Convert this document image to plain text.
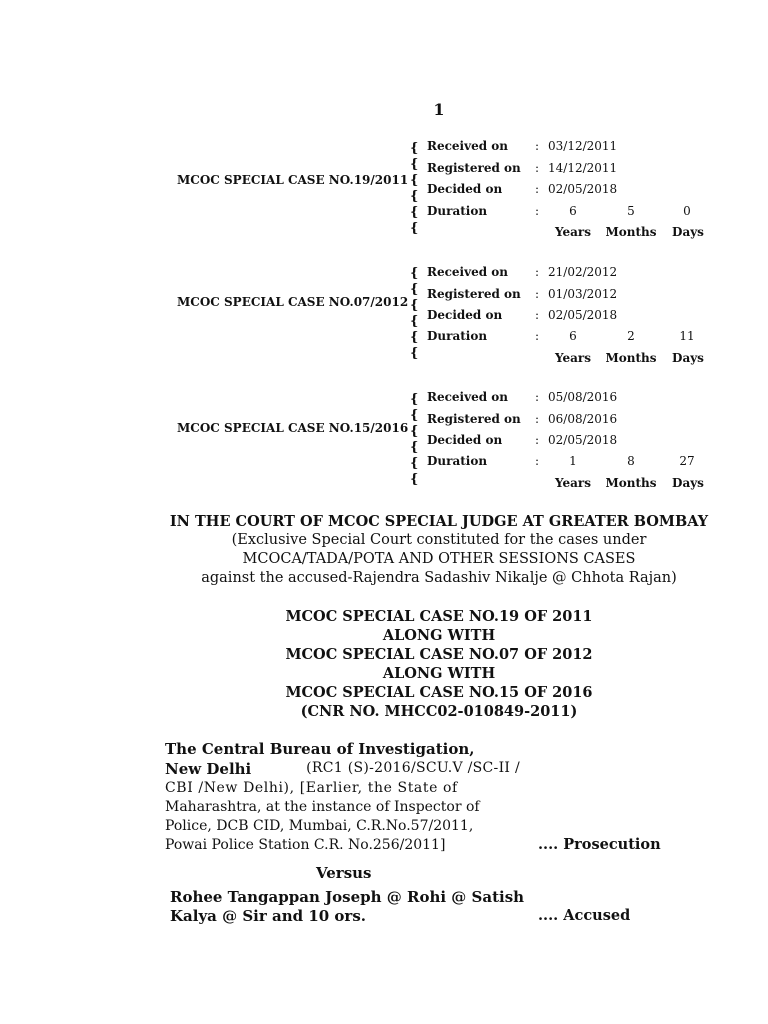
1
MCOC SPECIAL CASE NO.19/2011
{
{
{
{
{
{
Received on : 03/12/2011
Registered on : 14/12/2011
Decided on	: 02/05/2018
Duration	:	6	5	0
Years	Months	Days
MCOC SPECIAL CASE NO.07/2012
{
{
{
{
{
{
Received on : 21/02/2012
Registered on : 01/03/2012
Decided on	: 02/05/2018
Duration	:	6	2	11
Years	Months	Days
MCOC SPECIAL CASE NO.15/2016
{
{
{
{
{
{
Received on : 05/08/2016
Registered on : 06/08/2016
Decided on	: 02/05/2018
Duration	:	1	8	27
Years	Months	Days
IN THE COURT OF MCOC SPECIAL JUDGE AT GREATER BOMBAY
(Exclusive Special Court constituted for the cases under
MCOCA/TADA/POTA AND OTHER SESSIONS CASES
against the accused-Rajendra Sadashiv Nikalje @ Chhota Rajan)
MCOC SPECIAL CASE NO.19 OF 2011
ALONG WITH
MCOC SPECIAL CASE NO.07 OF 2012
ALONG WITH
MCOC SPECIAL CASE NO.15 OF 2016
(CNR NO. MHCC02-010849-2011)
The Central Bureau of Investigation,
New Delhi	(RC1 (S)-2016/SCU.V /SC-II /
CBI /New Delhi), [Earlier, the State of
Maharashtra, at the instance of Inspector of
Police, DCB CID, Mumbai, C.R.No.57/2011,
Powai Police Station C.R. No.256/2011]	.... Prosecution
Versus
Rohee Tangappan Joseph @ Rohi @ Satish
Kalya @ Sir and 10 ors.	.... Accused
